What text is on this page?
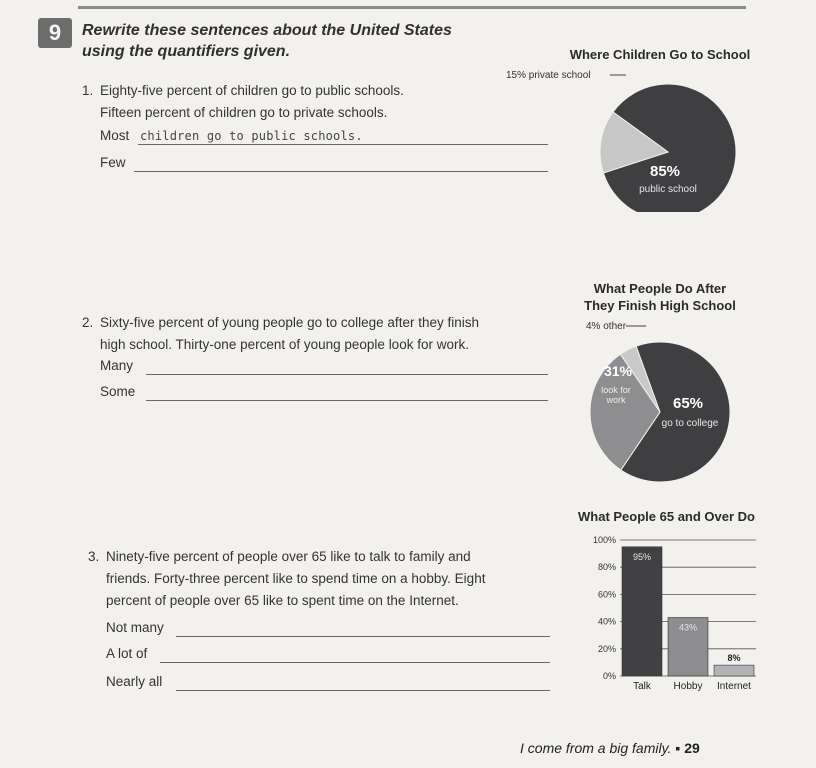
9	Rewrite these sentences about the United States
using the quantifiers given.
1. Eighty-five percent of children go to public schools.
Fifteen percent of children go to private schools.
Most children go to public schools.
Few
2. Sixty-five percent of young people go to college after they finish
high school. Thirty-one percent of young people look for work.
Many
Some
3. Ninety-five percent of people over 65 like to talk to family and
friends. Forty-three percent like to spend time on a hobby. Eight
percent of people over 65 like to spent time on the Internet.
Not many
A lot of
Nearly all
Where Children Go to School
15% private school
85%
public school
What People Do After
They Finish High School
4% other
31%
look for
work	65%
go to college
What People 65 and Over Do
0%
20%
40%
60%
80%
100%
95%
Talk
43%
Hobby
8%
Internet
I come from a big family. ▪ 29
